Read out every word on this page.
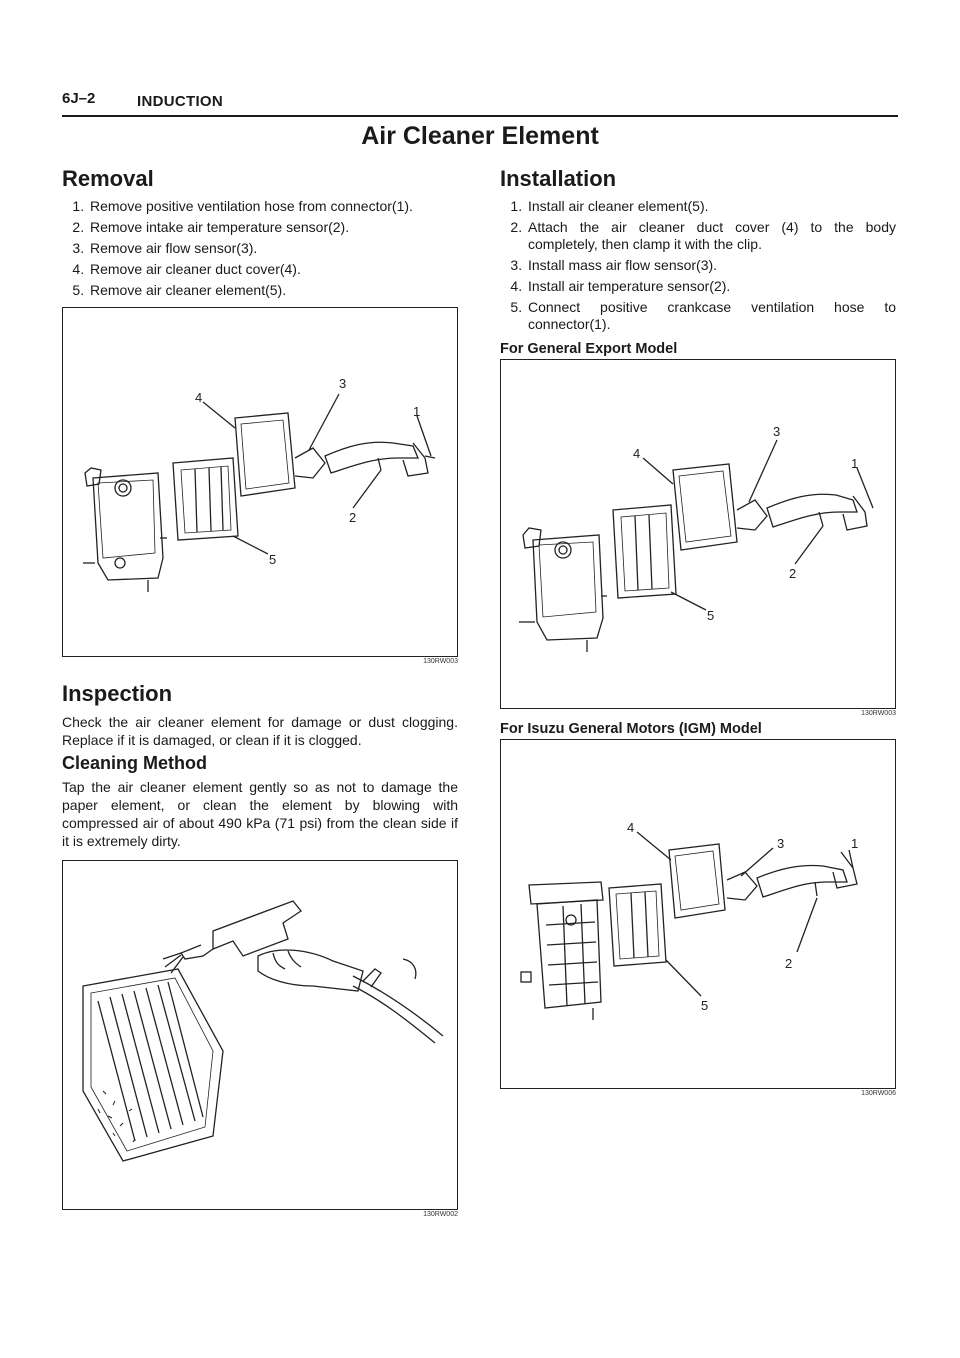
6J–2	INDUCTION
Air Cleaner Element
Removal
1. Remove positive ventilation hose from connector(1).
2. Remove intake air temperature sensor(2).
3. Remove air flow sensor(3).
4. Remove air cleaner duct cover(4).
5. Remove air cleaner element(5).
4
3
1
2
5
130RW003
Inspection

Check the air cleaner element for damage or dust clogging. Replace if it is damaged, or clean if it is clogged.

Cleaning Method

Tap the air cleaner element gently so as not to damage the paper element, or clean the element by blowing with compressed air of about 490 kPa (71 psi) from the clean side if it is extremely dirty.

130RW002
Installation
1. Install air cleaner element(5).
2. Attach the air cleaner duct cover (4) to the body completely, then clamp it with the clip.
3. Install mass air flow sensor(3).
4. Install air temperature sensor(2).
5. Connect positive crankcase ventilation hose to connector(1).
For General Export Model
4
3
1
2
5
130RW003
For Isuzu General Motors (IGM) Model
4
3	1
2
5
130RW006
